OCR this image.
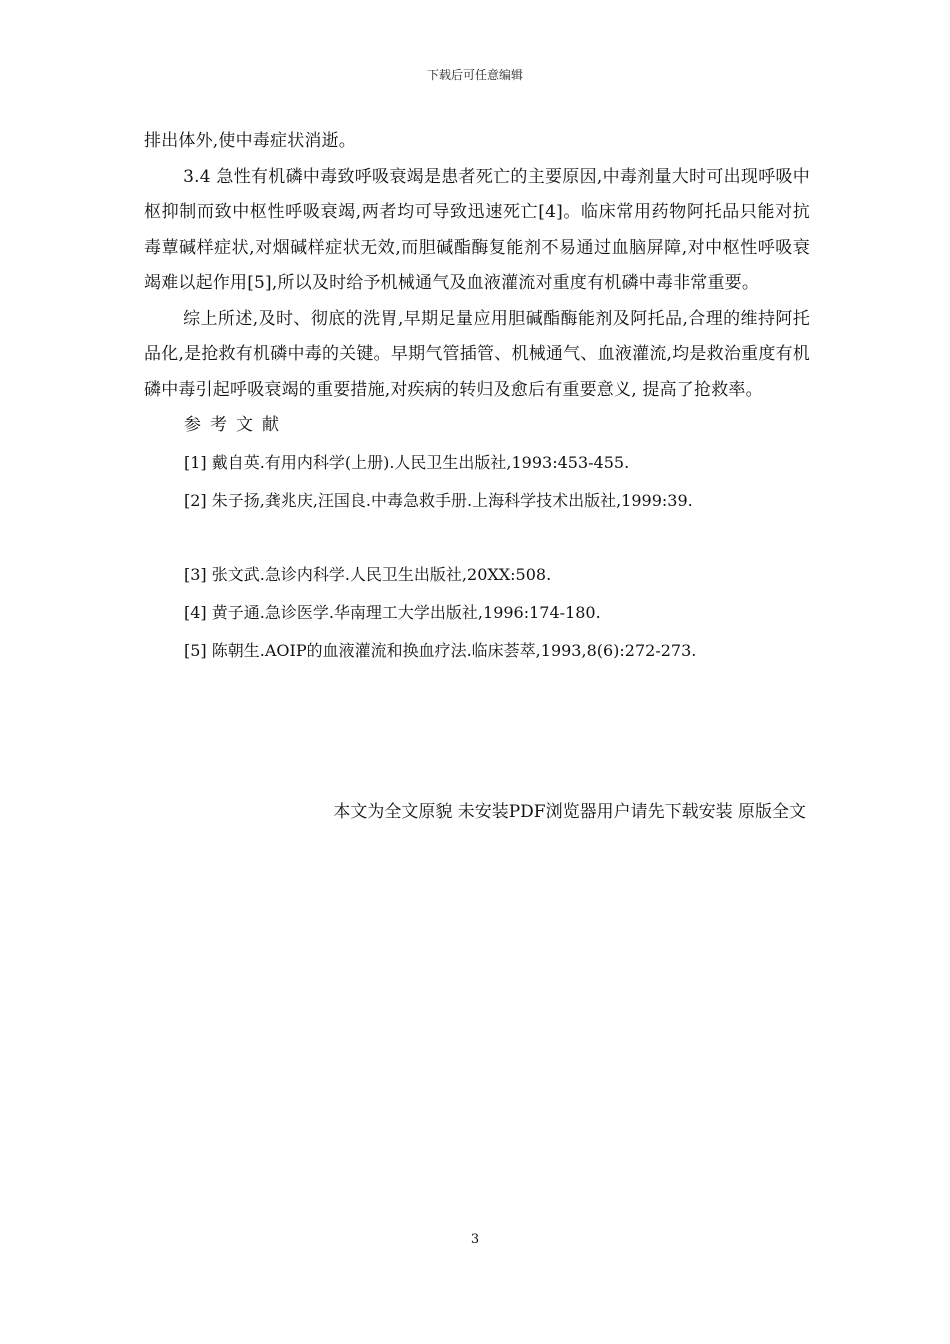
下载后可任意编辑

排出体外,使中毒症状消逝。

3.4 急性有机磷中毒致呼吸衰竭是患者死亡的主要原因,中毒剂量大时可出现呼吸中枢抑制而致中枢性呼吸衰竭,两者均可导致迅速死亡[4]。临床常用药物阿托品只能对抗毒蕈碱样症状,对烟碱样症状无效,而胆碱酯酶复能剂不易通过血脑屏障,对中枢性呼吸衰竭难以起作用[5],所以及时给予机械通气及血液灌流对重度有机磷中毒非常重要。

综上所述,及时、彻底的洗胃,早期足量应用胆碱酯酶能剂及阿托品,合理的维持阿托品化,是抢救有机磷中毒的关键。早期气管插管、机械通气、血液灌流,均是救治重度有机磷中毒引起呼吸衰竭的重要措施,对疾病的转归及愈后有重要意义, 提高了抢救率。

参考文献

[1] 戴自英.有用内科学(上册).人民卫生出版社,1993:453-455.

[2] 朱子扬,龚兆庆,汪国良.中毒急救手册.上海科学技术出版社,1999:39.

[3] 张文武.急诊内科学.人民卫生出版社,20XX:508.

[4] 黄子通.急诊医学.华南理工大学出版社,1996:174-180.

[5] 陈朝生.AOIP的血液灌流和换血疗法.临床荟萃,1993,8(6):272-273.

本文为全文原貌 未安装PDF浏览器用户请先下载安装 原版全文
3
